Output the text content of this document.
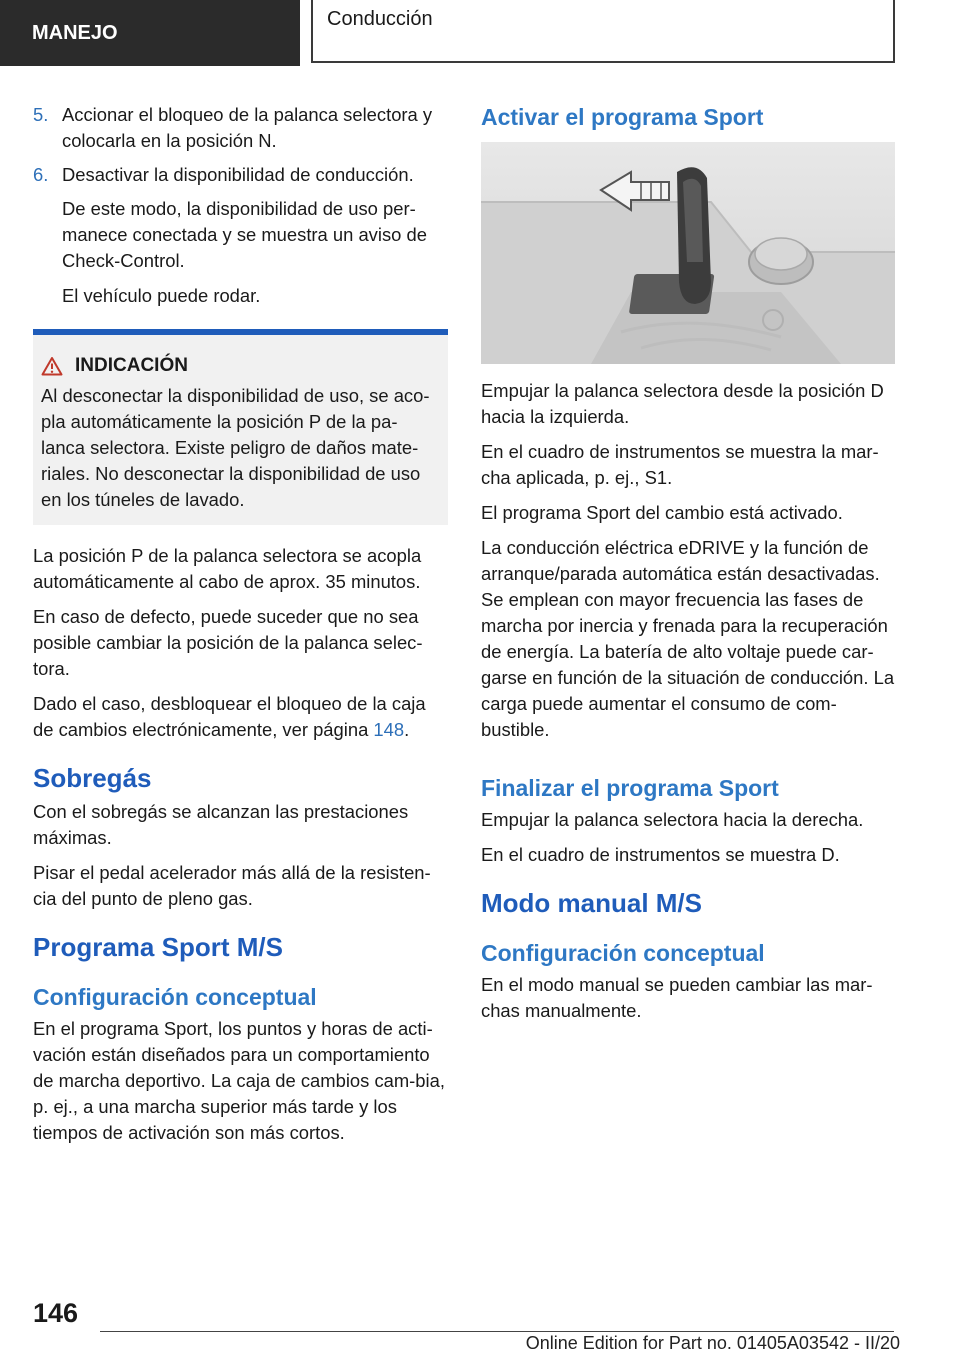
MANEJO
Conducción
5. Accionar el bloqueo de la palanca selectora y colocarla en la posición N.
6. Desactivar la disponibilidad de conducción.

De este modo, la disponibilidad de uso per-manece conectada y se muestra un aviso de Check-Control.

El vehículo puede rodar.

INDICACIÓN

Al desconectar la disponibilidad de uso, se aco-pla automáticamente la posición P de la pa-lanca selectora. Existe peligro de daños mate-riales. No desconectar la disponibilidad de uso en los túneles de lavado.

La posición P de la palanca selectora se acopla automáticamente al cabo de aprox. 35 minutos.

En caso de defecto, puede suceder que no sea posible cambiar la posición de la palanca selec-tora.

Dado el caso, desbloquear el bloqueo de la caja de cambios electrónicamente, ver página 148.

Sobregás

Con el sobregás se alcanzan las prestaciones máximas.

Pisar el pedal acelerador más allá de la resisten-cia del punto de pleno gas.

Programa Sport M/S
Configuración conceptual

En el programa Sport, los puntos y horas de acti-vación están diseñados para un comportamiento de marcha deportivo. La caja de cambios cam-bia, p. ej., a una marcha superior más tarde y los tiempos de activación son más cortos.

Activar el programa Sport

Empujar la palanca selectora desde la posición D hacia la izquierda.

En el cuadro de instrumentos se muestra la mar-cha aplicada, p. ej., S1.

El programa Sport del cambio está activado.

La conducción eléctrica eDRIVE y la función de arranque/parada automática están desactivadas. Se emplean con mayor frecuencia las fases de marcha por inercia y frenada para la recuperación de energía. La batería de alto voltaje puede car-garse en función de la situación de conducción. La carga puede aumentar el consumo de com-bustible.

Finalizar el programa Sport

Empujar la palanca selectora hacia la derecha.

En el cuadro de instrumentos se muestra D.

Modo manual M/S
Configuración conceptual

En el modo manual se pueden cambiar las mar-chas manualmente.

146
Online Edition for Part no. 01405A03542 - II/20
